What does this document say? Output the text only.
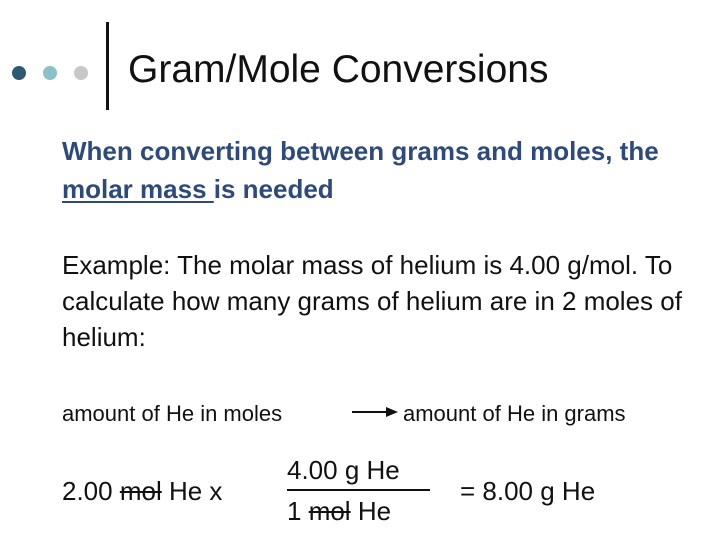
Gram/Mole Conversions
When converting between grams and moles, the molar mass is needed
Example: The molar mass of helium is 4.00 g/mol. To calculate how many grams of helium are in 2 moles of helium:
amount of He in moles	amount of He in grams
2.00 mol He x
4.00 g He
1 mol He
= 8.00 g He
